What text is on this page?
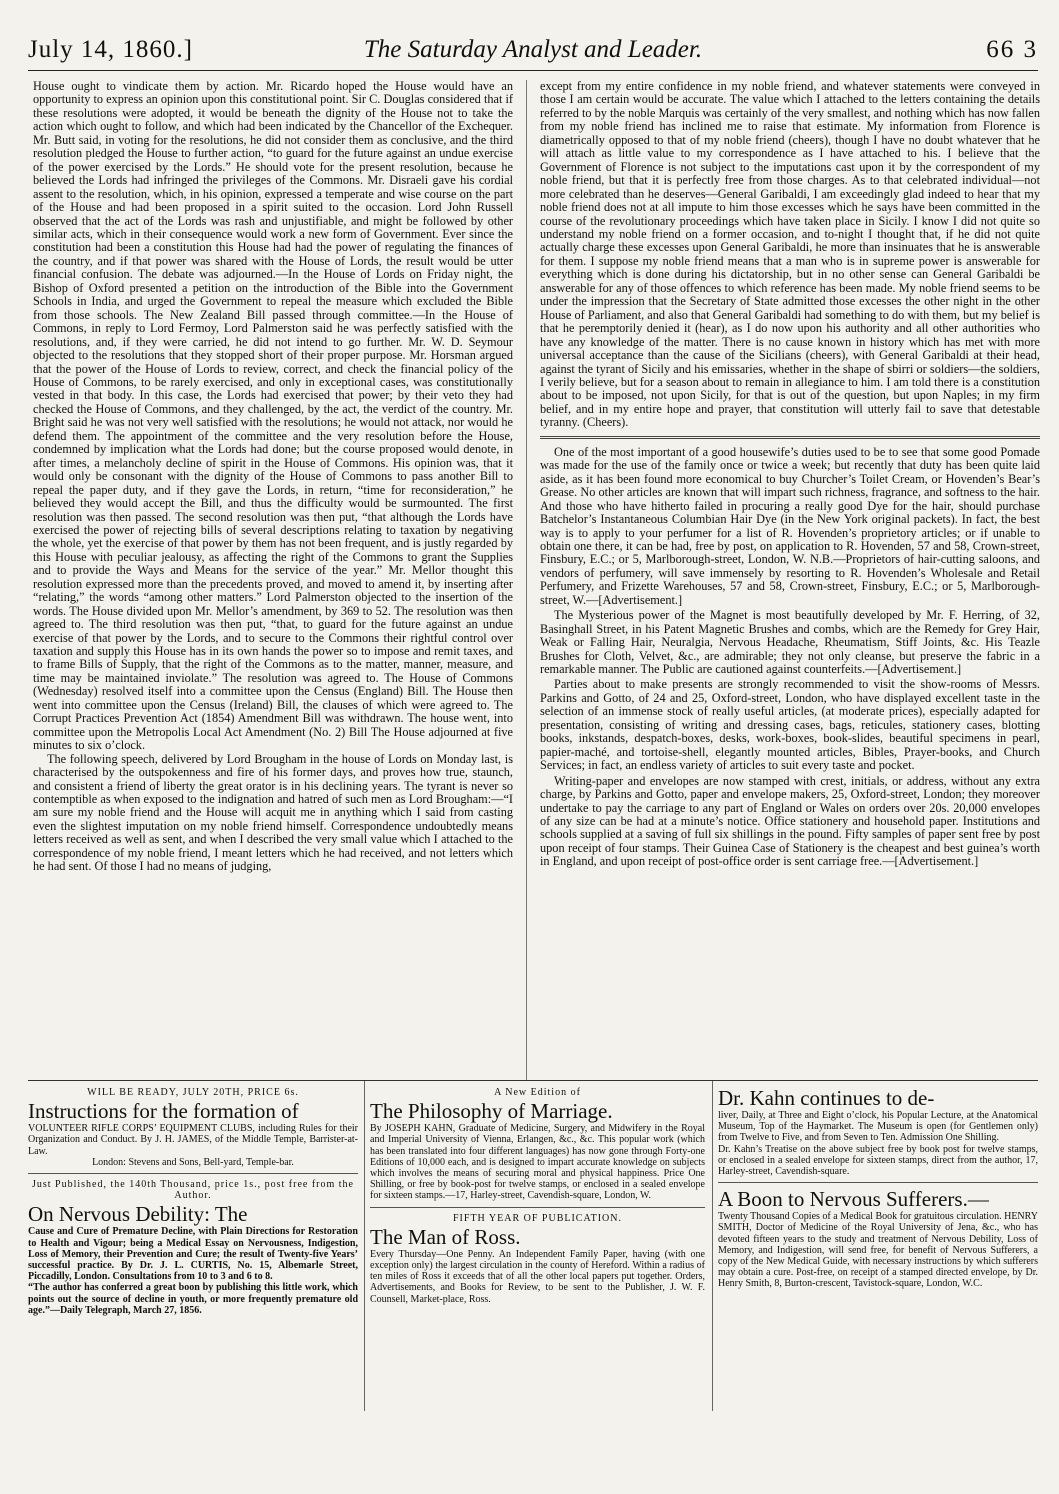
July 14, 1860.]	The Saturday Analyst and Leader.	66 3

House ought to vindicate them by action. Mr. Ricardo hoped the House would have an opportunity to express an opinion upon this constitutional point. Sir C. Douglas considered that if these resolutions were adopted, it would be beneath the dignity of the House not to take the action which ought to follow, and which had been indicated by the Chancellor of the Exchequer. Mr. Butt said, in voting for the resolutions, he did not consider them as conclusive, and the third resolution pledged the House to further action, “to guard for the future against an undue exercise of the power exercised by the Lords.” He should vote for the present resolution, because he believed the Lords had infringed the privileges of the Commons. Mr. Disraeli gave his cordial assent to the resolution, which, in his opinion, expressed a temperate and wise course on the part of the House and had been proposed in a spirit suited to the occasion. Lord John Russell observed that the act of the Lords was rash and unjustifiable, and might be followed by other similar acts, which in their consequence would work a new form of Government. Ever since the constitution had been a constitution this House had had the power of regulating the finances of the country, and if that power was shared with the House of Lords, the result would be utter financial confusion. The debate was adjourned.—In the House of Lords on Friday night, the Bishop of Oxford presented a petition on the introduction of the Bible into the Government Schools in India, and urged the Government to repeal the measure which excluded the Bible from those schools. The New Zealand Bill passed through committee.—In the House of Commons, in reply to Lord Fermoy, Lord Palmerston said he was perfectly satisfied with the resolutions, and, if they were carried, he did not intend to go further. Mr. W. D. Seymour objected to the resolutions that they stopped short of their proper purpose. Mr. Horsman argued that the power of the House of Lords to review, correct, and check the financial policy of the House of Commons, to be rarely exercised, and only in exceptional cases, was constitutionally vested in that body. In this case, the Lords had exercised that power; by their veto they had checked the House of Commons, and they challenged, by the act, the verdict of the country. Mr. Bright said he was not very well satisfied with the resolutions; he would not attack, nor would he defend them. The appointment of the committee and the very resolution before the House, condemned by implication what the Lords had done; but the course proposed would denote, in after times, a melancholy decline of spirit in the House of Commons. His opinion was, that it would only be consonant with the dignity of the House of Commons to pass another Bill to repeal the paper duty, and if they gave the Lords, in return, “time for reconsideration,” he believed they would accept the Bill, and thus the difficulty would be surmounted. The first resolution was then passed. The second resolution was then put, “that although the Lords have exercised the power of rejecting bills of several descriptions relating to taxation by negativing the whole, yet the exercise of that power by them has not been frequent, and is justly regarded by this House with peculiar jealousy, as affecting the right of the Commons to grant the Supplies and to provide the Ways and Means for the service of the year.” Mr. Mellor thought this resolution expressed more than the precedents proved, and moved to amend it, by inserting after “relating,” the words “among other matters.” Lord Palmerston objected to the insertion of the words. The House divided upon Mr. Mellor’s amendment, by 369 to 52. The resolution was then agreed to. The third resolution was then put, “that, to guard for the future against an undue exercise of that power by the Lords, and to secure to the Commons their rightful control over taxation and supply this House has in its own hands the power so to impose and remit taxes, and to frame Bills of Supply, that the right of the Commons as to the matter, manner, measure, and time may be maintained inviolate.” The resolution was agreed to. The House of Commons (Wednesday) resolved itself into a committee upon the Census (England) Bill. The House then went into committee upon the Census (Ireland) Bill, the clauses of which were agreed to. The Corrupt Practices Prevention Act (1854) Amendment Bill was withdrawn. The house went, into committee upon the Metropolis Local Act Amendment (No. 2) Bill The House adjourned at five minutes to six o’clock.

The following speech, delivered by Lord Brougham in the house of Lords on Monday last, is characterised by the outspokenness and fire of his former days, and proves how true, staunch, and consistent a friend of liberty the great orator is in his declining years. The tyrant is never so contemptible as when exposed to the indignation and hatred of such men as Lord Brougham:—“I am sure my noble friend and the House will acquit me in anything which I said from casting even the slightest imputation on my noble friend himself. Correspondence undoubtedly means letters received as well as sent, and when I described the very small value which I attached to the correspondence of my noble friend, I meant letters which he had received, and not letters which he had sent. Of those I had no means of judging,

except from my entire confidence in my noble friend, and whatever statements were conveyed in those I am certain would be accurate. The value which I attached to the letters containing the details referred to by the noble Marquis was certainly of the very smallest, and nothing which has now fallen from my noble friend has inclined me to raise that estimate. My information from Florence is diametrically opposed to that of my noble friend (cheers), though I have no doubt whatever that he will attach as little value to my correspondence as I have attached to his. I believe that the Government of Florence is not subject to the imputations cast upon it by the correspondent of my noble friend, but that it is perfectly free from those charges. As to that celebrated individual—not more celebrated than he deserves—General Garibaldi, I am exceedingly glad indeed to hear that my noble friend does not at all impute to him those excesses which he says have been committed in the course of the revolutionary proceedings which have taken place in Sicily. I know I did not quite so understand my noble friend on a former occasion, and to-night I thought that, if he did not quite actually charge these excesses upon General Garibaldi, he more than insinuates that he is answerable for them. I suppose my noble friend means that a man who is in supreme power is answerable for everything which is done during his dictatorship, but in no other sense can General Garibaldi be answerable for any of those offences to which reference has been made. My noble friend seems to be under the impression that the Secretary of State admitted those excesses the other night in the other House of Parliament, and also that General Garibaldi had something to do with them, but my belief is that he peremptorily denied it (hear), as I do now upon his authority and all other authorities who have any knowledge of the matter. There is no cause known in history which has met with more universal acceptance than the cause of the Sicilians (cheers), with General Garibaldi at their head, against the tyrant of Sicily and his emissaries, whether in the shape of sbirri or soldiers—the soldiers, I verily believe, but for a season about to remain in allegiance to him. I am told there is a constitution about to be imposed, not upon Sicily, for that is out of the question, but upon Naples; in my firm belief, and in my entire hope and prayer, that constitution will utterly fail to save that detestable tyranny. (Cheers).

One of the most important of a good housewife’s duties used to be to see that some good Pomade was made for the use of the family once or twice a week; but recently that duty has been quite laid aside, as it has been found more economical to buy Churcher’s Toilet Cream, or Hovenden’s Bear’s Grease. No other articles are known that will impart such richness, fragrance, and softness to the hair. And those who have hitherto failed in procuring a really good Dye for the hair, should purchase Batchelor’s Instantaneous Columbian Hair Dye (in the New York original packets). In fact, the best way is to apply to your perfumer for a list of R. Hovenden’s proprietory articles; or if unable to obtain one there, it can be had, free by post, on application to R. Hovenden, 57 and 58, Crown-street, Finsbury, E.C.; or 5, Marlborough-street, London, W. N.B.—Proprietors of hair-cutting saloons, and vendors of perfumery, will save immensely by resorting to R. Hovenden’s Wholesale and Retail Perfumery, and Frizette Warehouses, 57 and 58, Crown-street, Finsbury, E.C.; or 5, Marlborough-street, W.—[Advertisement.]

The Mysterious power of the Magnet is most beautifully developed by Mr. F. Herring, of 32, Basinghall Street, in his Patent Magnetic Brushes and combs, which are the Remedy for Grey Hair, Weak or Falling Hair, Neuralgia, Nervous Headache, Rheumatism, Stiff Joints, &c. His Teazle Brushes for Cloth, Velvet, &c., are admirable; they not only cleanse, but preserve the fabric in a remarkable manner. The Public are cautioned against counterfeits.—[Advertisement.]

Parties about to make presents are strongly recommended to visit the show-rooms of Messrs. Parkins and Gotto, of 24 and 25, Oxford-street, London, who have displayed excellent taste in the selection of an immense stock of really useful articles, (at moderate prices), especially adapted for presentation, consisting of writing and dressing cases, bags, reticules, stationery cases, blotting books, inkstands, despatch-boxes, desks, work-boxes, book-slides, beautiful specimens in pearl, papier-maché, and tortoise-shell, elegantly mounted articles, Bibles, Prayer-books, and Church Services; in fact, an endless variety of articles to suit every taste and pocket.

Writing-paper and envelopes are now stamped with crest, initials, or address, without any extra charge, by Parkins and Gotto, paper and envelope makers, 25, Oxford-street, London; they moreover undertake to pay the carriage to any part of England or Wales on orders over 20s. 20,000 envelopes of any size can be had at a minute’s notice. Office stationery and household paper. Institutions and schools supplied at a saving of full six shillings in the pound. Fifty samples of paper sent free by post upon receipt of four stamps. Their Guinea Case of Stationery is the cheapest and best guinea’s worth in England, and upon receipt of post-office order is sent carriage free.—[Advertisement.]

WILL BE READY, JULY 20TH, PRICE 6s.
Instructions for the formation of
VOLUNTEER RIFLE CORPS’ EQUIPMENT CLUBS, including Rules for their Organization and Conduct. By J. H. JAMES, of the Middle Temple, Barrister-at-Law.
London: Stevens and Sons, Bell-yard, Temple-bar.
Just Published, the 140th Thousand, price 1s., post free from the Author.
On Nervous Debility: The
Cause and Cure of Premature Decline, with Plain Directions for Restoration to Health and Vigour; being a Medical Essay on Nervousness, Indigestion, Loss of Memory, their Prevention and Cure; the result of Twenty-five Years’ successful practice. By Dr. J. L. CURTIS, No. 15, Albemarle Street, Piccadilly, London. Consultations from 10 to 3 and 6 to 8.
“The author has conferred a great boon by publishing this little work, which points out the source of decline in youth, or more frequently premature old age.”—Daily Telegraph, March 27, 1856.
A New Edition of
The Philosophy of Marriage.
By JOSEPH KAHN, Graduate of Medicine, Surgery, and Midwifery in the Royal and Imperial University of Vienna, Erlangen, &c., &c. This popular work (which has been translated into four different languages) has now gone through Forty-one Editions of 10,000 each, and is designed to impart accurate knowledge on subjects which involves the means of securing moral and physical happiness. Price One Shilling, or free by book-post for twelve stamps, or enclosed in a sealed envelope for sixteen stamps.—17, Harley-street, Cavendish-square, London, W.
FIFTH YEAR OF PUBLICATION.
The Man of Ross.
Every Thursday—One Penny. An Independent Family Paper, having (with one exception only) the largest circulation in the county of Hereford. Within a radius of ten miles of Ross it exceeds that of all the other local papers put together. Orders, Advertisements, and Books for Review, to be sent to the Publisher, J. W. F. Counsell, Market-place, Ross.
Dr. Kahn continues to de-
liver, Daily, at Three and Eight o’clock, his Popular Lecture, at the Anatomical Museum, Top of the Haymarket. The Museum is open (for Gentlemen only) from Twelve to Five, and from Seven to Ten. Admission One Shilling.
Dr. Kahn’s Treatise on the above subject free by book post for twelve stamps, or enclosed in a sealed envelope for sixteen stamps, direct from the author, 17, Harley-street, Cavendish-square.
A Boon to Nervous Sufferers.—
Twenty Thousand Copies of a Medical Book for gratuitous circulation. HENRY SMITH, Doctor of Medicine of the Royal University of Jena, &c., who has devoted fifteen years to the study and treatment of Nervous Debility, Loss of Memory, and Indigestion, will send free, for benefit of Nervous Sufferers, a copy of the New Medical Guide, with necessary instructions by which sufferers may obtain a cure. Post-free, on receipt of a stamped directed envelope, by Dr. Henry Smith, 8, Burton-crescent, Tavistock-square, London, W.C.
